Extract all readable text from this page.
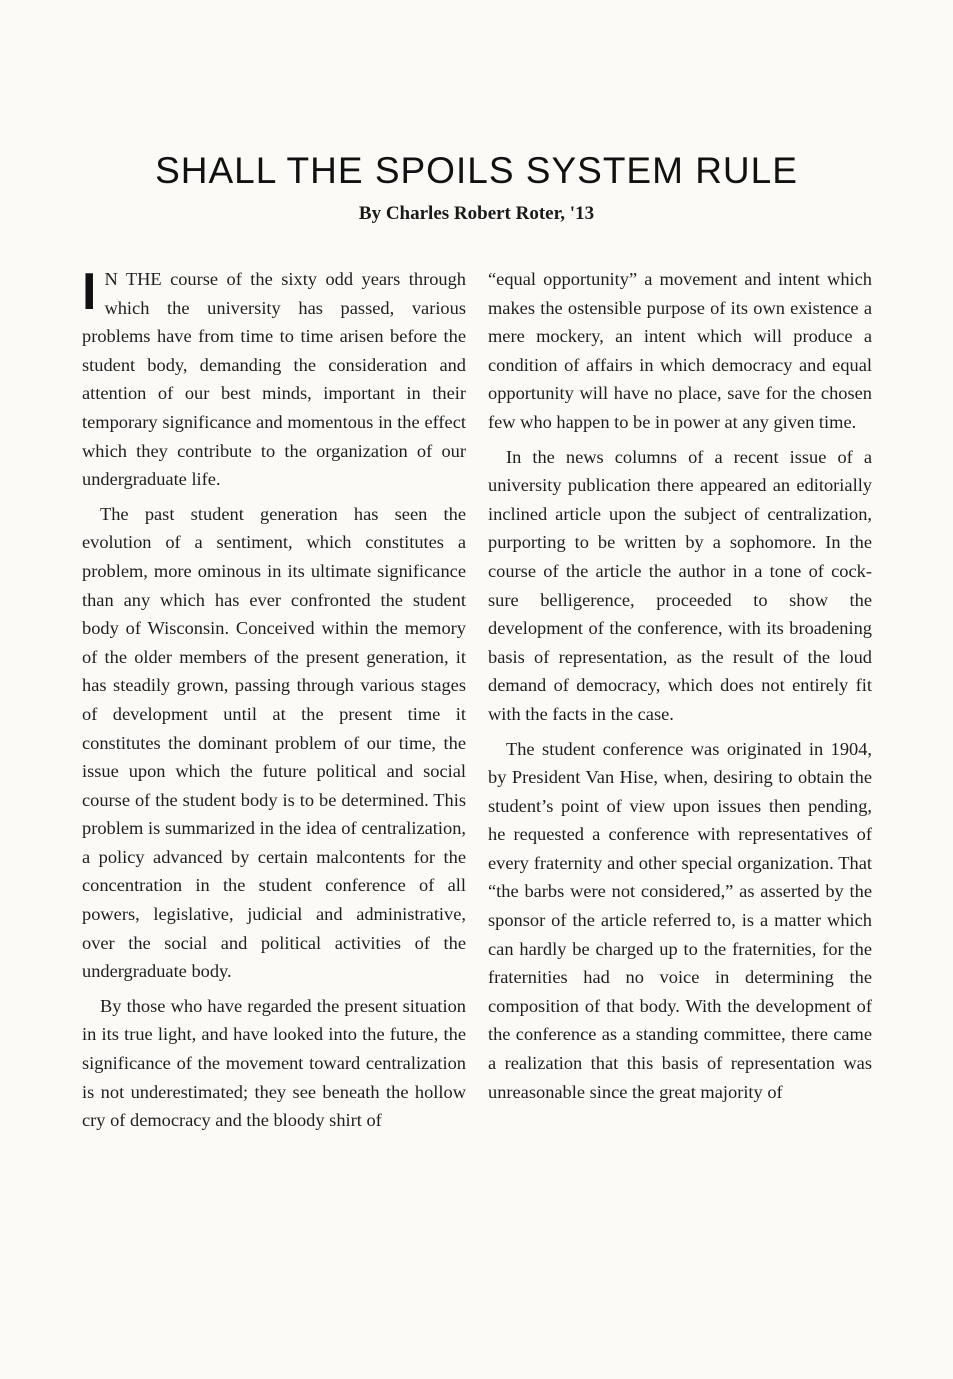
SHALL THE SPOILS SYSTEM RULE
By Charles Robert Roter, '13

I N THE course of the sixty odd years through which the university has passed, various problems have from time to time arisen before the student body, demanding the consideration and attention of our best minds, important in their temporary significance and momentous in the effect which they contribute to the organization of our undergraduate life.

The past student generation has seen the evolution of a sentiment, which constitutes a problem, more ominous in its ultimate significance than any which has ever confronted the student body of Wisconsin. Conceived within the memory of the older members of the present generation, it has steadily grown, passing through various stages of development until at the present time it constitutes the dominant problem of our time, the issue upon which the future political and social course of the student body is to be determined. This problem is summarized in the idea of centralization, a policy advanced by certain malcontents for the concentration in the student conference of all powers, legislative, judicial and administrative, over the social and political activities of the undergraduate body.

By those who have regarded the present situation in its true light, and have looked into the future, the significance of the movement toward centralization is not underestimated; they see beneath the hollow cry of democracy and the bloody shirt of

“equal opportunity” a movement and intent which makes the ostensible purpose of its own existence a mere mockery, an intent which will produce a condition of affairs in which democracy and equal opportunity will have no place, save for the chosen few who happen to be in power at any given time.

In the news columns of a recent issue of a university publication there appeared an editorially inclined article upon the subject of centralization, purporting to be written by a sophomore. In the course of the article the author in a tone of cock-sure belligerence, proceeded to show the development of the conference, with its broadening basis of representation, as the result of the loud demand of democracy, which does not entirely fit with the facts in the case.

The student conference was originated in 1904, by President Van Hise, when, desiring to obtain the student’s point of view upon issues then pending, he requested a conference with representatives of every fraternity and other special organization. That “the barbs were not considered,” as asserted by the sponsor of the article referred to, is a matter which can hardly be charged up to the fraternities, for the fraternities had no voice in determining the composition of that body. With the development of the conference as a standing committee, there came a realization that this basis of representation was unreasonable since the great majority of
